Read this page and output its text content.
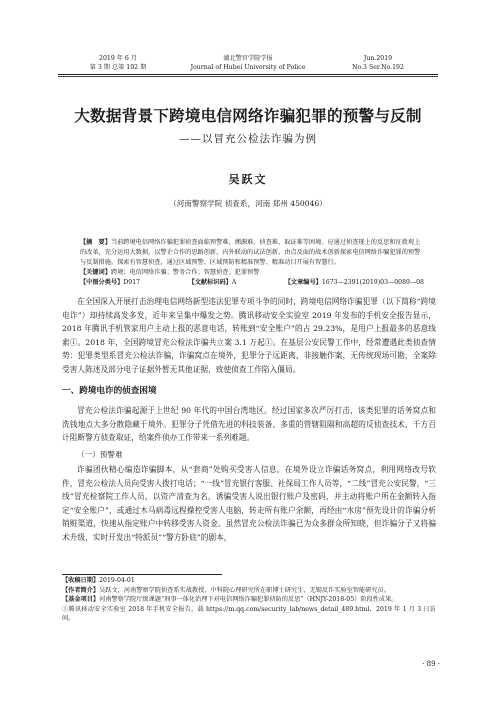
2019 年 6 月	湖北警官学院学报	Jun.2019
第 3 期 总第 192 期	Journal of Hubei University of Police	No.3 Ser.No.192
大数据背景下跨境电信网络诈骗犯罪的预警与反制
——以冒充公检法诈骗为例
吴跃文
（河南警察学院 侦查系，河南 郑州 450046）
【摘　要】当前跨境电信网络诈骗犯罪侦查面临预警难、溯源难、侦查难、取证难等困境。应通过侦查现上的反思和征拨观上的改革，充分运用大数据，以警企合作的思路创新、内外联动的试法创新、由点及面的战术创新探索电信网络诈骗犯罪的预警与反制措施。探索有智慧侦查，通过区域预警、区域预防和精准预警、精准动目开展有智慧行。
【关键词】跨境；电信网络诈骗；警务合作；智慧侦查；犯罪预警
【中图分类号】D917	【文献标识码】A	【文章编号】1673—2391(2019)03—0089—08
在全国深入开展打击治理电信网络新型违法犯罪专项斗争的同时，跨境电信网络诈骗犯罪（以下简称“跨境电诈”）却持续高发多发，近年来呈集中爆发之势。腾讯移动安全实验室 2019 年发布的手机安全报告显示，2018 年腾讯手机管家用户主动上报的恶意电话，转账到“安全账户”的占 29.23%，是用户上报最多的恶意线索①。2018 年，全国跨境冒充公检法诈骗共立案 3.1 万起①。在基层公安民警工作中，经常遭遇此类侦查情势：犯罪类型系冒充公检法诈骗，诈骗窝点在境外，犯罪分子远距离、非接触作案，无传统现场可勘，全案除受害人陈述及部分电子证据外暂无其他证据，致使侦查工作陷入僵局。
一、跨境电诈的侦查困境
冒充公检法诈骗起源于上世纪 90 年代的中国台湾地区。经过国家多次严厉打击，该类犯罪的话务窝点和洗钱地点大多分散隐藏于境外。犯罪分子凭借先进的科技装备、多重的管辖阻隔和高超的反侦查技术，千方百计阻断警方侦查取证，给案件侦办工作带来一系列难题。
（一）预警难
诈骗团伙精心编造诈骗脚本，从“套商”处购买受害人信息，在境外设立诈骗话务窝点，利用网络改号软件，冒充公检法人员向受害人拨打电话；“一线”冒充银行客服、社保局工作人员等，“二线”冒充公安民警，“三线”冒充检察院工作人员，以资产清查为名，诱骗受害人说出银行账户及密码，并主动将账户所在金额转入指定“安全账户”，或通过木马病毒远程操控受害人电脑，转走所有账户余额，再经由“水房”预先设计的诈骗分析销赃渠道，快速从指定账户中转移受害人资金。虽然冒充公检法诈骗已为众多群众所知晓，但诈骗分子又将骗术升级，实时开发出“特派员”“警方卧底”的剧本，
【收稿日期】2019-04-01
【作者简介】吴跃文，河南警察学院侦查系实战教授，中科院心理研究所在职博士研究生，无锡反诈实验室智能研究员。
【基金项目】河南警察学院厅级课题“刑事一体化治理下对电信网络诈骗犯罪侦防的反思”（HNJY-2018-05）阶段性成果。
①腾讯移动安全实验室 2018 年手机安全报告，载 https://m.qq.com/security_lab/news_detail_489.html，2019 年 1 月 3 日访问。
· 89 ·
